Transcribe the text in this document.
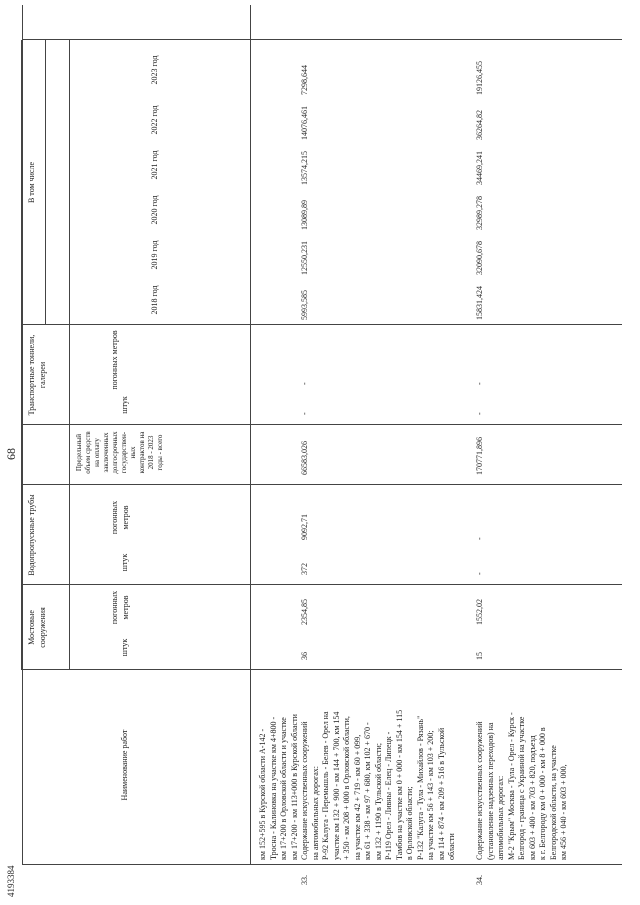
4193384
Наименование работ
Мостовые сооружения
Водопропускные трубы
Транспортные тоннели, галереи
Предельный объем средств на оплату заключенных долгосрочных государствен-ных контрактов на 2018 - 2023 годы - всего
В том числе
штук
погонных метров
штук
погонных метров
штук
погонных метров
2018 год
2019 год
2020 год
2021 год
2022 год
2023 год
68
км 152+595 в Курской области А-142 - Тросна - Калиновка на участке км 4+800 - км 17+200 в Орловской области и участке км 17+200 - км 113+000 в Курской области
33.
Содержание искусственных сооружений на автомобильных дорогах: Р-92 Калуга - Перемышль - Белев - Орел на участке км 132 + 900 - км 144 + 700, км 154 + 350 - км 208 + 000 в Орловской области, на участке км 42 + 719 - км 60 + 099, км 61 + 338 - км 97 + 680, км 102 + 670 - км 132 + 1190 в Тульской области; Р-119 Орел - Ливны - Елец - Липецк - Тамбов на участке км 0 + 000 - км 154 + 115 в Орловской области; Р-132 "Калуга - Тула - Михайлов - Рязань" на участке км 56 + 143 - км 103 + 200; км 114 + 874 - км 209 + 516 в Тульской области
36
2354,85
372
9092,71
-
-
66583,026
5993,585
12550,231
13089,89
13574,215
14076,461
7298,644
34.
Содержание искусственных сооружений (установление надземных переходов) на автомобильных дорогах: М-2 "Крым" Москва - Тула - Орел - Курск - Белгород - граница с Украиной на участке км 603 + 400 - км 703 + 820, подъезд к г. Белгороду км 0 + 000 - км 8 + 000 в Белгородской области, на участке км 456 + 040 - км 603 + 000,
15
1552,02
-
-
-
-
170771,896
15831,424
32090,678
32989,278
34469,241
36264,82
19126,455
